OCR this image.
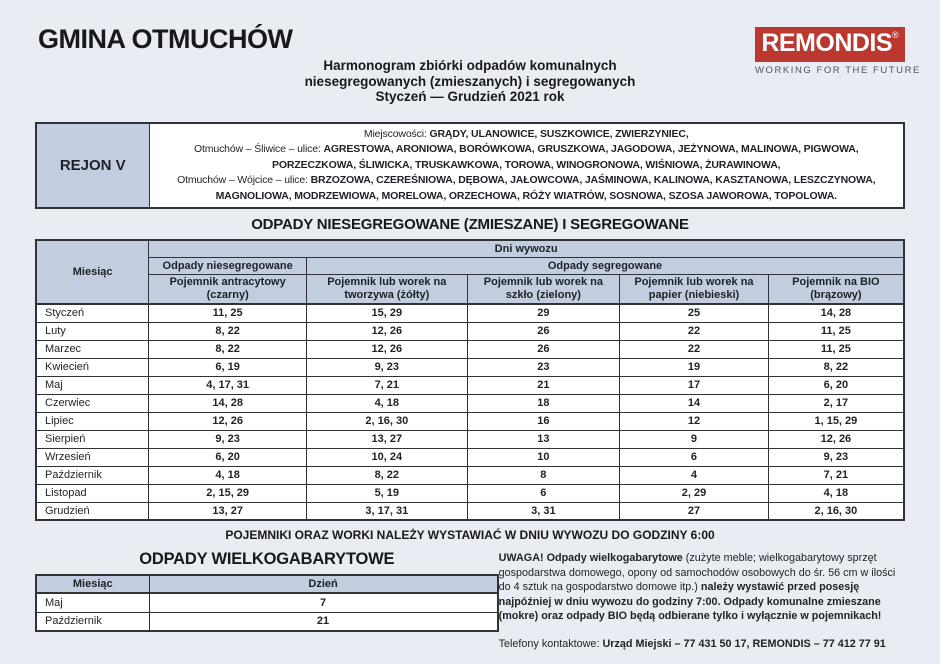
GMINA OTMUCHÓW
Harmonogram zbiórki odpadów komunalnych
niesegregowanych (zmieszanych) i segregowanych
Styczeń — Grudzień 2021 rok
REMONDIS®
WORKING FOR THE FUTURE
REJON V	
Miejscowości: GRĄDY, ULANOWICE, SUSZKOWICE, ZWIERZYNIEC,
Otmuchów – Śliwice – ulice: AGRESTOWA, ARONIOWA, BORÓWKOWA, GRUSZKOWA, JAGODOWA, JEŻYNOWA, MALINOWA, PIGWOWA,
PORZECZKOWA, ŚLIWICKA, TRUSKAWKOWA, TOROWA, WINOGRONOWA, WIŚNIOWA, ŻURAWINOWA,
Otmuchów – Wójcice – ulice: BRZOZOWA, CZEREŚNIOWA, DĘBOWA, JAŁOWCOWA, JAŚMINOWA, KALINOWA, KASZTANOWA, LESZCZYNOWA,
MAGNOLIOWA, MODRZEWIOWA, MORELOWA, ORZECHOWA, RÓŻY WIATRÓW, SOSNOWA, SZOSA JAWOROWA, TOPOLOWA.
ODPADY NIESEGREGOWANE (ZMIESZANE) I SEGREGOWANE
Miesiąc	Dni wywozu				
	Odpady niesegregowane	Odpady segregowane			
	Pojemnik antracytowy (czarny)	Pojemnik lub worek na tworzywa (żółty)	Pojemnik lub worek na szkło (zielony)	Pojemnik lub worek na papier (niebieski)	Pojemnik na BIO (brązowy)
Styczeń	11, 25	15, 29	29	25	14, 28
Luty	8, 22	12, 26	26	22	11, 25
Marzec	8, 22	12, 26	26	22	11, 25
Kwiecień	6, 19	9, 23	23	19	8, 22
Maj	4, 17, 31	7, 21	21	17	6, 20
Czerwiec	14, 28	4, 18	18	14	2, 17
Lipiec	12, 26	2, 16, 30	16	12	1, 15, 29
Sierpień	9, 23	13, 27	13	9	12, 26
Wrzesień	6, 20	10, 24	10	6	9, 23
Październik	4, 18	8, 22	8	4	7, 21
Listopad	2, 15, 29	5, 19	6	2, 29	4, 18
Grudzień	13, 27	3, 17, 31	3, 31	27	2, 16, 30
POJEMNIKI ORAZ WORKI NALEŻY WYSTAWIAĆ W DNIU WYWOZU DO GODZINY 6:00
ODPADY WIELKOGABARYTOWE
Miesiąc	Dzień
Maj	7
Październik	21
UWAGA! Odpady wielkogabarytowe (zużyte meble; wielkogabarytowy sprzęt gospodarstwa domowego, opony od samochodów osobowych do śr. 56 cm w ilości do 4 sztuk na gospodarstwo domowe itp.) należy wystawić przed posesję najpóźniej w dniu wywozu do godziny 7:00. Odpady komunalne zmieszane (mokre) oraz odpady BIO będą odbierane tylko i wyłącznie w pojemnikach!
Telefony kontaktowe: Urząd Miejski – 77 431 50 17, REMONDIS – 77 412 77 91
